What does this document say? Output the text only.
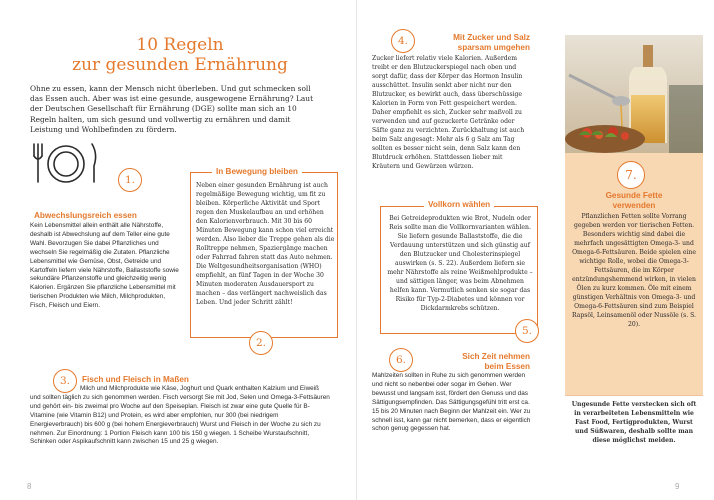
10 Regeln
zur gesunden Ernährung
Ohne zu essen, kann der Mensch nicht überleben. Und gut schmecken soll das Essen auch. Aber was ist eine gesunde, ausgewogene Ernährung? Laut der Deutschen Gesellschaft für Ernährung (DGE) sollte man sich an 10 Regeln halten, um sich gesund und vollwertig zu ernähren und damit Leistung und Wohlbefinden zu fördern.
1.
Abwechslungsreich essen
Kein Lebensmittel allein enthält alle Nährstoffe, deshalb ist Abwechslung auf dem Teller eine gute Wahl. Bevorzugen Sie dabei Pflanzliches und wechseln Sie regelmäßig die Zutaten. Pflanzliche Lebensmittel wie Gemüse, Obst, Getreide und Kartoffeln liefern viele Nährstoffe, Ballaststoffe sowie sekundäre Pflanzenstoffe und gleichzeitig wenig Kalorien. Ergänzen Sie pflanzliche Lebensmittel mit tierischen Produkten wie Milch, Milchprodukten, Fisch, Fleisch und Eiern.
In Bewegung bleiben
Neben einer gesunden Ernährung ist auch regelmäßige Bewegung wichtig, um fit zu bleiben. Körperliche Aktivität und Sport regen den Muskelaufbau an und erhöhen den Kalorienverbrauch. Mit 30 bis 60 Minuten Bewegung kann schon viel erreicht werden. Also lieber die Treppe gehen als die Rolltreppe nehmen, Spaziergänge machen oder Fahrrad fahren statt das Auto nehmen. Die Weltgesundheitsorganisation (WHO) empfiehlt, an fünf Tagen in der Woche 30 Minuten moderaten Ausdauersport zu machen – das verlängert nachweislich das Leben. Und jeder Schritt zählt!
2.
3.	Fisch und Fleisch in Maßen
Milch und Milchprodukte wie Käse, Joghurt und Quark enthalten Kalzium und Eiweiß und sollten täglich zu sich genommen werden. Fisch versorgt Sie mit Jod, Selen und Omega-3-Fettsäuren und gehört ein- bis zweimal pro Woche auf den Speiseplan. Fleisch ist zwar eine gute Quelle für B-Vitamine (wie Vitamin B12) und Protein, es wird aber empfohlen, nur 300 (bei niedrigem Energieverbrauch) bis 600 g (bei hohem Energieverbrauch) Wurst und Fleisch in der Woche zu sich zu nehmen. Zur Einordnung: 1 Portion Fleisch kann 100 bis 150 g wiegen. 1 Scheibe Wurstaufschnitt, Schinken oder Aspikaufschnitt kann zwischen 15 und 25 g wiegen.
8	9
4.	Mit Zucker und Salz
sparsam umgehen
Zucker liefert relativ viele Kalorien. Außerdem treibt er den Blutzuckerspiegel nach oben und sorgt dafür, dass der Körper das Hormon Insulin ausschüttet. Insulin senkt aber nicht nur den Blutzucker, es bewirkt auch, dass überschüssige Kalorien in Form von Fett gespeichert werden. Daher empfiehlt es sich, Zucker sehr maßvoll zu verwenden und auf gezuckerte Getränke oder Säfte ganz zu verzichten. Zurückhaltung ist auch beim Salz angesagt: Mehr als 6 g Salz am Tag sollten es besser nicht sein, denn Salz kann den Blutdruck erhöhen. Stattdessen lieber mit Kräutern und Gewürzen würzen.
Vollkorn wählen
Bei Getreideprodukten wie Brot, Nudeln oder Reis sollte man die Vollkornvarianten wählen. Sie liefern gesunde Ballaststoffe, die die Verdauung unterstützen und sich günstig auf den Blutzucker und Cholesterinspiegel auswirken (s. S. 22). Außerdem liefern sie mehr Nährstoffe als reine Weißmehlprodukte – und sättigen länger, was beim Abnehmen helfen kann. Vermutlich senken sie sogar das Risiko für Typ-2-Diabetes und können vor Dickdarmkrebs schützen.
5.
6.	Sich Zeit nehmen
beim Essen
Mahlzeiten sollten in Ruhe zu sich genommen werden und nicht so nebenbei oder sogar im Gehen. Wer bewusst und langsam isst, fördert den Genuss und das Sättigungsempfinden. Das Sättigungsgefühl tritt erst ca. 15 bis 20 Minuten nach Beginn der Mahlzeit ein. Wer zu schnell isst, kann gar nicht bemerken, dass er eigentlich schon genug gegessen hat.
7.
Gesunde Fette
verwenden
Pflanzlichen Fetten sollte Vorrang gegeben werden vor tierischen Fetten. Besonders wichtig sind dabei die mehrfach ungesättigten Omega-3- und Omega-6-Fettsäuren. Beide spielen eine wichtige Rolle, wobei die Omega-3-Fettsäuren, die im Körper entzündungshemmend wirken, in vielen Ölen zu kurz kommen. Öle mit einem günstigen Verhältnis von Omega-3- und Omega-6-Fettsäuren sind zum Beispiel Rapsöl, Leinsamenöl oder Nussöle (s. S. 20).
Ungesunde Fette verstecken sich oft in verarbeiteten Lebensmitteln wie Fast Food, Fertigprodukten, Wurst und Süßwaren, deshalb sollte man diese möglichst meiden.
